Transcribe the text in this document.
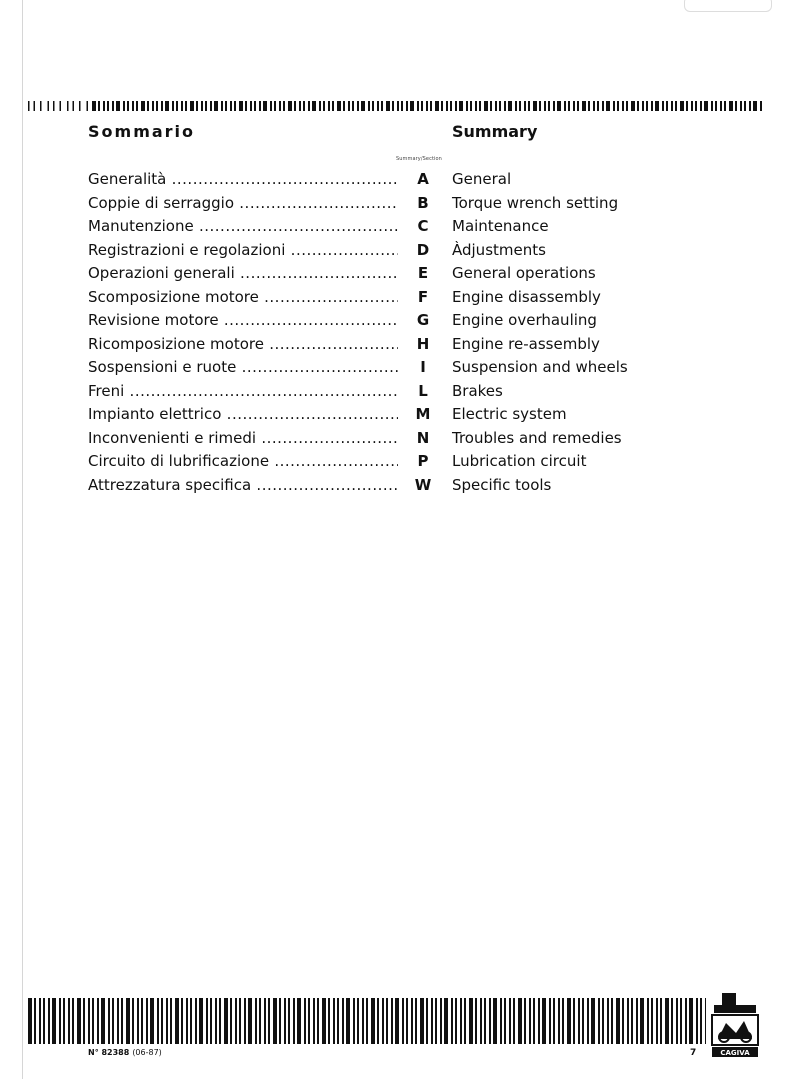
Sommario	Summary
Summary/Section
Generalità .....	A	General
Coppie di serraggio .....	B	Torque wrench setting
Manutenzione .....	C	Maintenance
Registrazioni e regolazioni .....	D	Àdjustments
Operazioni generali .....	E	General operations
Scomposizione motore .....	F	Engine disassembly
Revisione motore .....	G	Engine overhauling
Ricomposizione motore .....	H	Engine re-assembly
Sospensioni e ruote .....	I	Suspension and wheels
Freni .....	L	Brakes
Impianto elettrico .....	M	Electric system
Inconvenienti e rimedi .....	N	Troubles and remedies
Circuito di lubrificazione .....	P	Lubrication circuit
Attrezzatura specifica .....	W	Specific tools
CAGIVA
N° 82388 (06-87)	7
